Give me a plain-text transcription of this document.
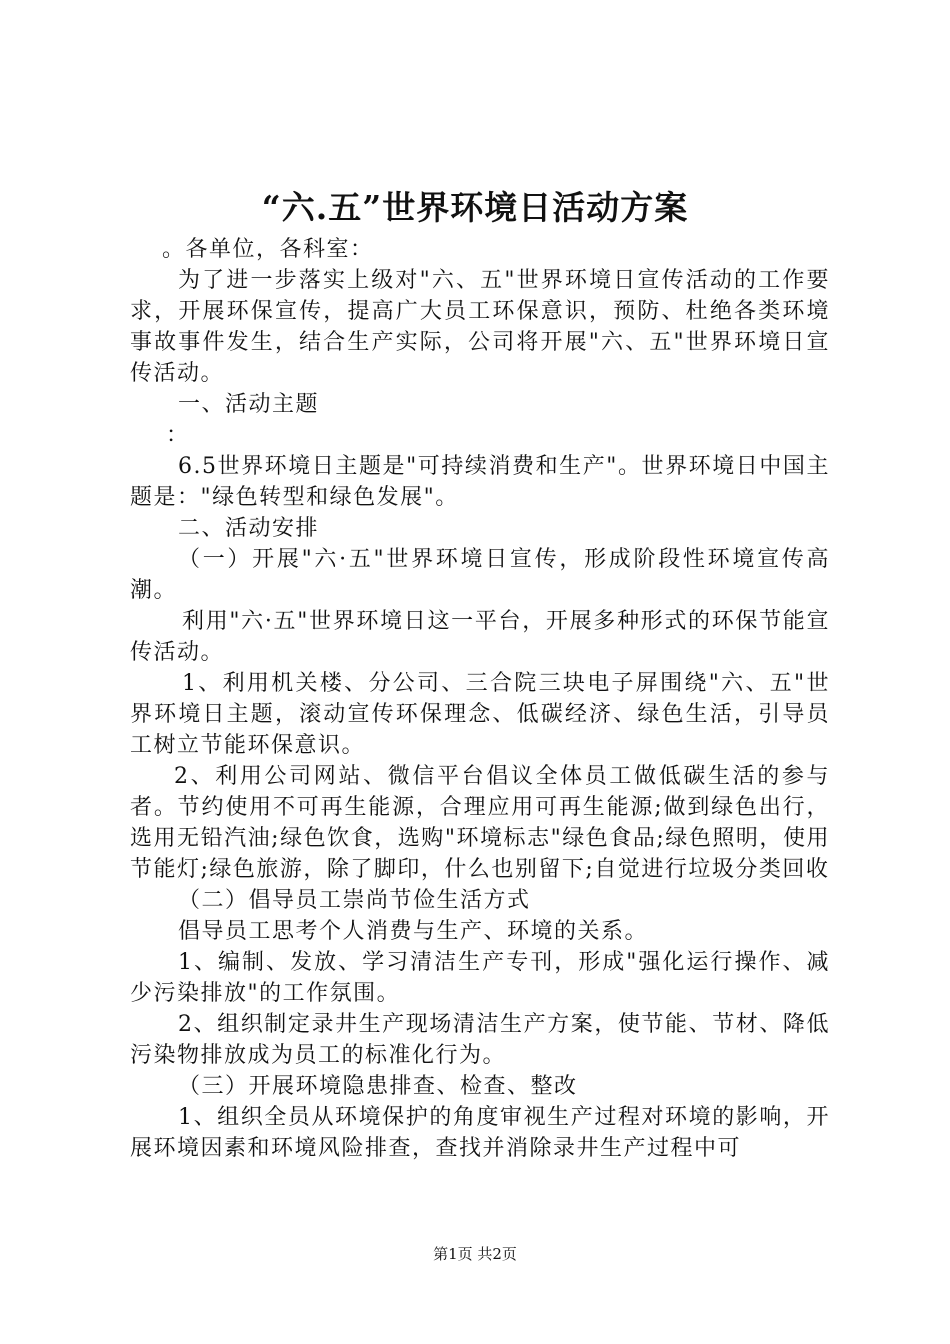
“六.五”世界环境日活动方案

。各单位，各科室：

为了进一步落实上级对"六、五"世界环境日宣传活动的工作要求，开展环保宣传，提高广大员工环保意识，预防、杜绝各类环境事故事件发生，结合生产实际，公司将开展"六、五"世界环境日宣传活动。

一、活动主题

：

6.5世界环境日主题是"可持续消费和生产"。世界环境日中国主题是："绿色转型和绿色发展"。

二、活动安排

（一）开展"六·五"世界环境日宣传，形成阶段性环境宣传高潮。

利用"六·五"世界环境日这一平台，开展多种形式的环保节能宣传活动。

1、利用机关楼、分公司、三合院三块电子屏围绕"六、五"世界环境日主题，滚动宣传环保理念、低碳经济、绿色生活，引导员工树立节能环保意识。

2、利用公司网站、微信平台倡议全体员工做低碳生活的参与者。节约使用不可再生能源，合理应用可再生能源;做到绿色出行，选用无铅汽油;绿色饮食，选购"环境标志"绿色食品;绿色照明，使用节能灯;绿色旅游，除了脚印，什么也别留下;自觉进行垃圾分类回收

（二）倡导员工崇尚节俭生活方式

倡导员工思考个人消费与生产、环境的关系。

1、编制、发放、学习清洁生产专刊，形成"强化运行操作、减少污染排放"的工作氛围。

2、组织制定录井生产现场清洁生产方案，使节能、节材、降低污染物排放成为员工的标准化行为。

（三）开展环境隐患排查、检查、整改

1、组织全员从环境保护的角度审视生产过程对环境的影响，开展环境因素和环境风险排查，查找并消除录井生产过程中可

第1页 共2页
